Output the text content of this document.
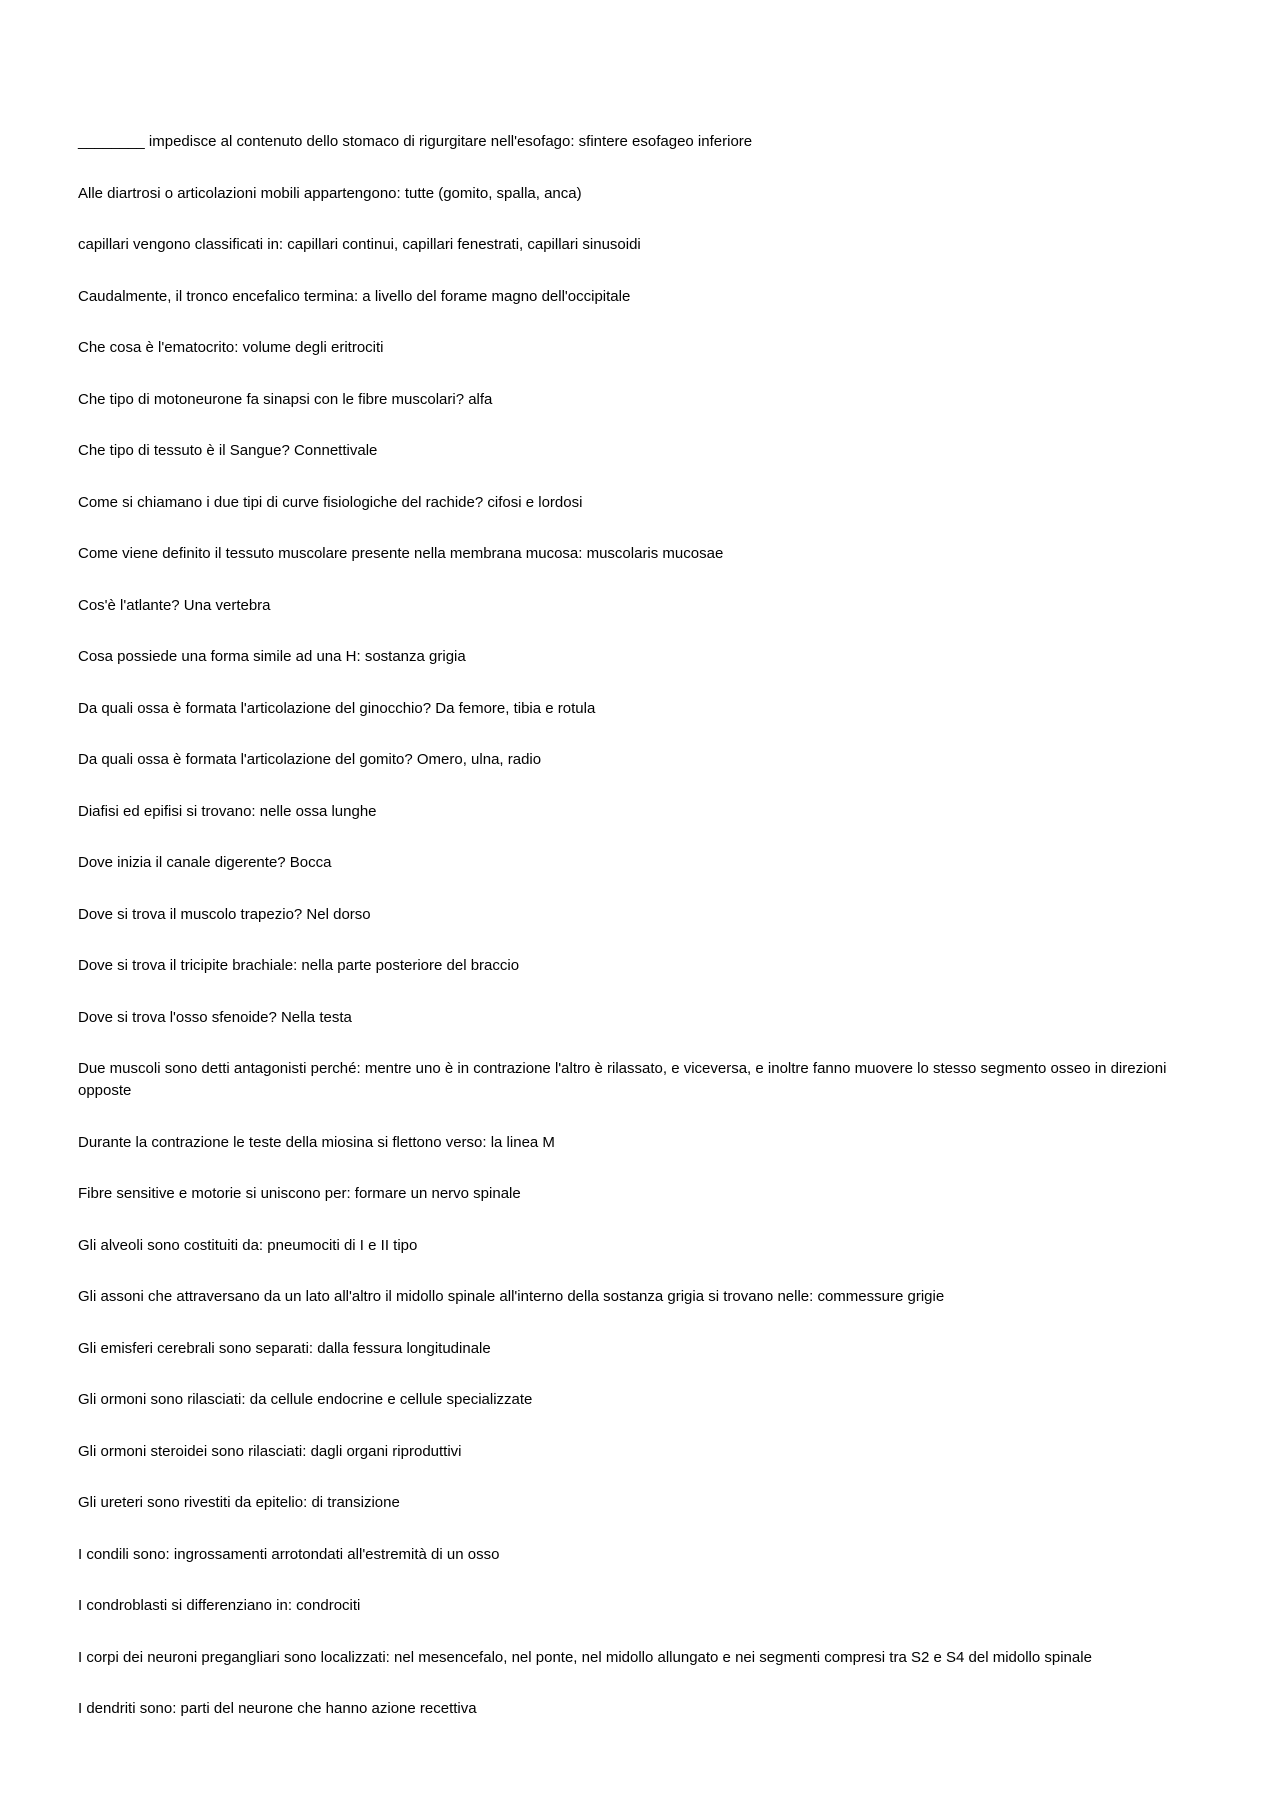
________ impedisce al contenuto dello stomaco di rigurgitare nell'esofago: sfintere esofageo inferiore

Alle diartrosi o articolazioni mobili appartengono: tutte (gomito, spalla, anca)

capillari vengono classificati in: capillari continui, capillari fenestrati, capillari sinusoidi

Caudalmente, il tronco encefalico termina: a livello del forame magno dell'occipitale

Che cosa è l'ematocrito: volume degli eritrociti

Che tipo di motoneurone fa sinapsi con le fibre muscolari? alfa

Che tipo di tessuto è il Sangue? Connettivale

Come si chiamano i due tipi di curve fisiologiche del rachide? cifosi e lordosi

Come viene definito il tessuto muscolare presente nella membrana mucosa: muscolaris mucosae

Cos'è l'atlante? Una vertebra

Cosa possiede una forma simile ad una H: sostanza grigia

Da quali ossa è formata l'articolazione del ginocchio? Da femore, tibia e rotula

Da quali ossa è formata l'articolazione del gomito? Omero, ulna, radio

Diafisi ed epifisi si trovano: nelle ossa lunghe

Dove inizia il canale digerente? Bocca

Dove si trova il muscolo trapezio? Nel dorso

Dove si trova il tricipite brachiale: nella parte posteriore del braccio

Dove si trova l'osso sfenoide? Nella testa

Due muscoli sono detti antagonisti perché: mentre uno è in contrazione l'altro è rilassato, e viceversa, e inoltre fanno muovere lo stesso segmento osseo in direzioni opposte

Durante la contrazione le teste della miosina si flettono verso: la linea M

Fibre sensitive e motorie si uniscono per: formare un nervo spinale

Gli alveoli sono costituiti da: pneumociti di I e II tipo

Gli assoni che attraversano da un lato all'altro il midollo spinale all'interno della sostanza grigia si trovano nelle: commessure grigie

Gli emisferi cerebrali sono separati: dalla fessura longitudinale

Gli ormoni sono rilasciati: da cellule endocrine e cellule specializzate

Gli ormoni steroidei sono rilasciati: dagli organi riproduttivi

Gli ureteri sono rivestiti da epitelio: di transizione

I condili sono: ingrossamenti arrotondati all'estremità di un osso

I condroblasti si differenziano in: condrociti

I corpi dei neuroni pregangliari sono localizzati: nel mesencefalo, nel ponte, nel midollo allungato e nei segmenti compresi tra S2 e S4 del midollo spinale

I dendriti sono: parti del neurone che hanno azione recettiva
